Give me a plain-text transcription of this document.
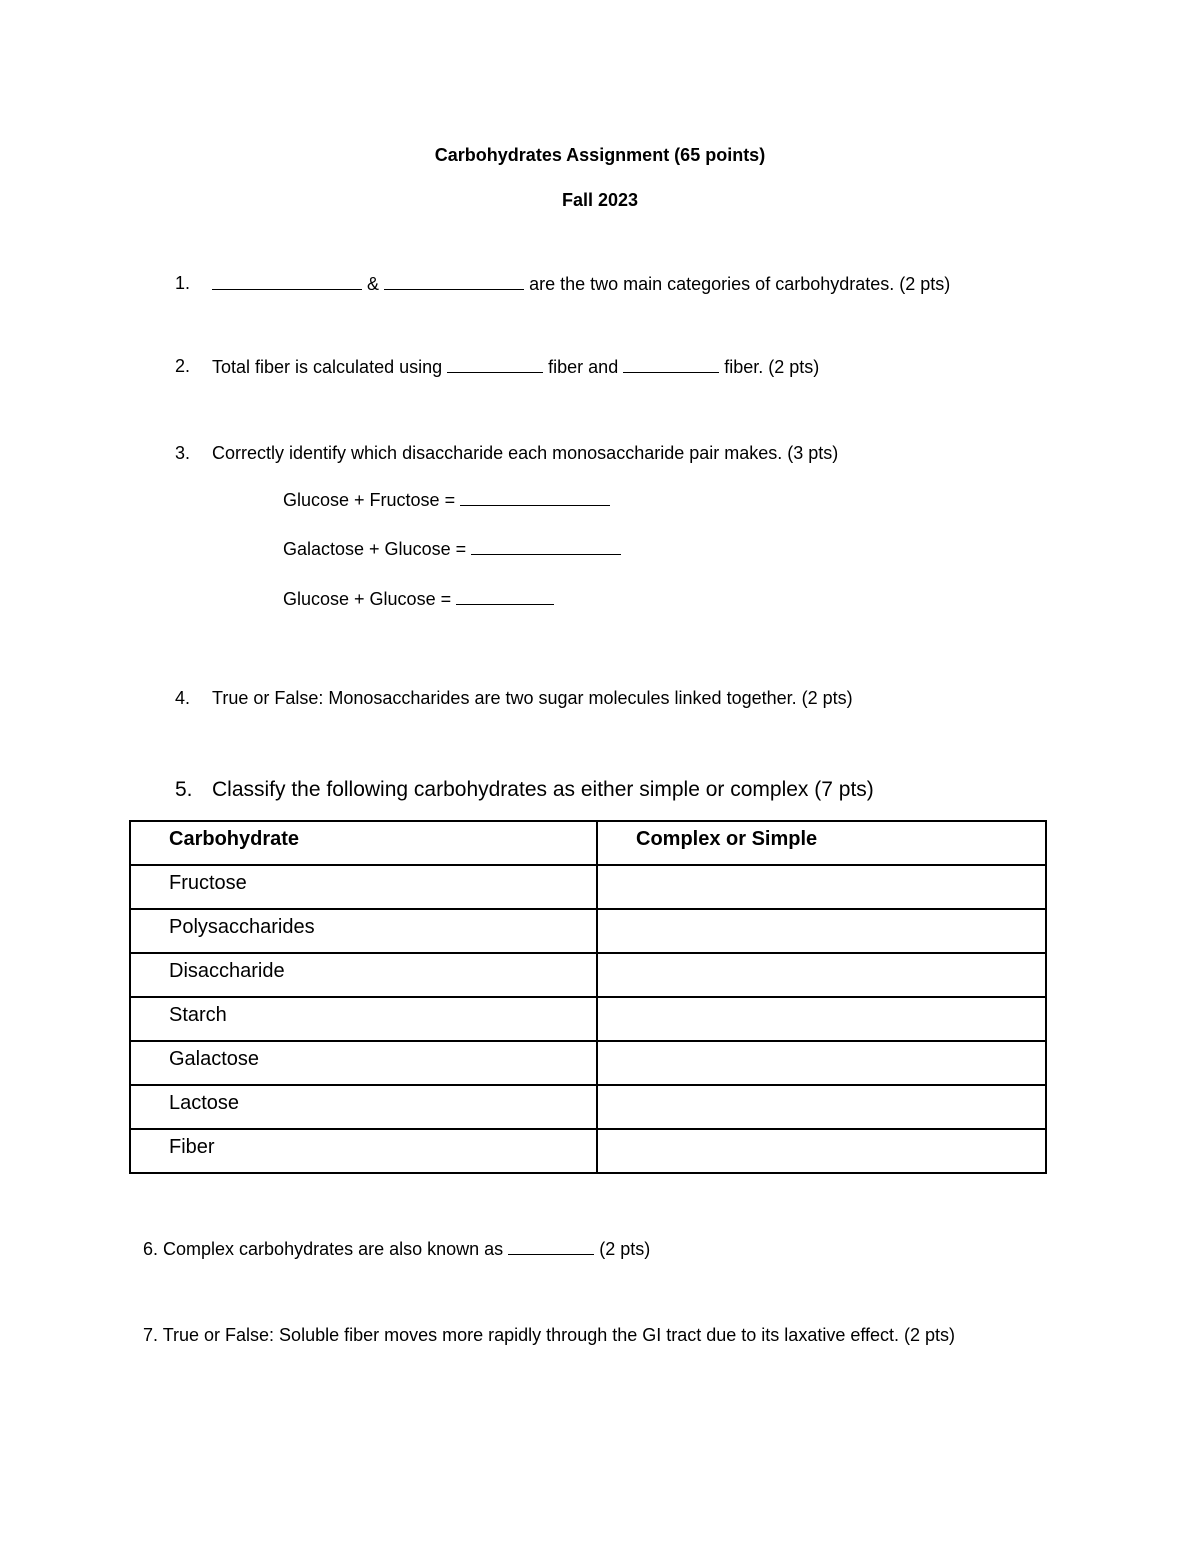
Carbohydrates Assignment (65 points)
Fall 2023
1.	&	are the two main categories of carbohydrates. (2 pts)
2. Total fiber is calculated using	fiber and	fiber. (2 pts)
3. Correctly identify which disaccharide each monosaccharide pair makes. (3 pts)
Glucose + Fructose =
Galactose + Glucose =
Glucose + Glucose =
4. True or False: Monosaccharides are two sugar molecules linked together. (2 pts)
5. Classify the following carbohydrates as either simple or complex (7 pts)
Carbohydrate	Complex or Simple

Fructose	

Polysaccharides	

Disaccharide	

Starch	

Galactose	

Lactose	

Fiber	

6. Complex carbohydrates are also known as	(2 pts)
7. True or False: Soluble fiber moves more rapidly through the GI tract due to its laxative effect. (2 pts)
